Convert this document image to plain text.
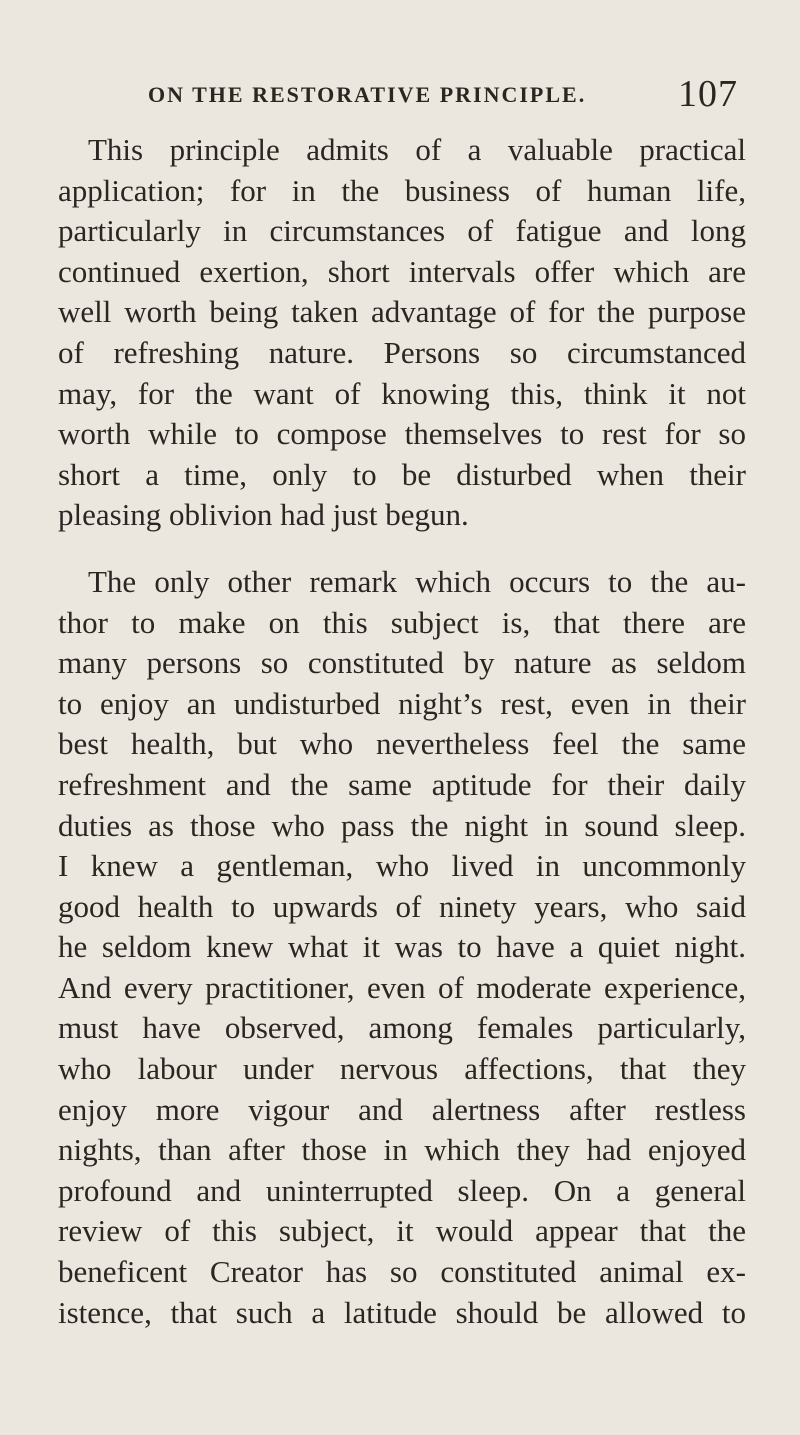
ON THE RESTORATIVE PRINCIPLE. 107
This principle admits of a valuable practical
application; for in the business of human life,
particularly in circumstances of fatigue and long
continued exertion, short intervals offer which are
well worth being taken advantage of for the purpose
of refreshing nature. Persons so circumstanced
may, for the want of knowing this, think it not
worth while to compose themselves to rest for so
short a time, only to be disturbed when their
pleasing oblivion had just begun.
The only other remark which occurs to the au-
thor to make on this subject is, that there are
many persons so constituted by nature as seldom
to enjoy an undisturbed night’s rest, even in their
best health, but who nevertheless feel the same
refreshment and the same aptitude for their daily
duties as those who pass the night in sound sleep.
I knew a gentleman, who lived in uncommonly
good health to upwards of ninety years, who said
he seldom knew what it was to have a quiet night.
And every practitioner, even of moderate experience,
must have observed, among females particularly,
who labour under nervous affections, that they
enjoy more vigour and alertness after restless
nights, than after those in which they had enjoyed
profound and uninterrupted sleep. On a general
review of this subject, it would appear that the
beneficent Creator has so constituted animal ex-
istence, that such a latitude should be allowed to
